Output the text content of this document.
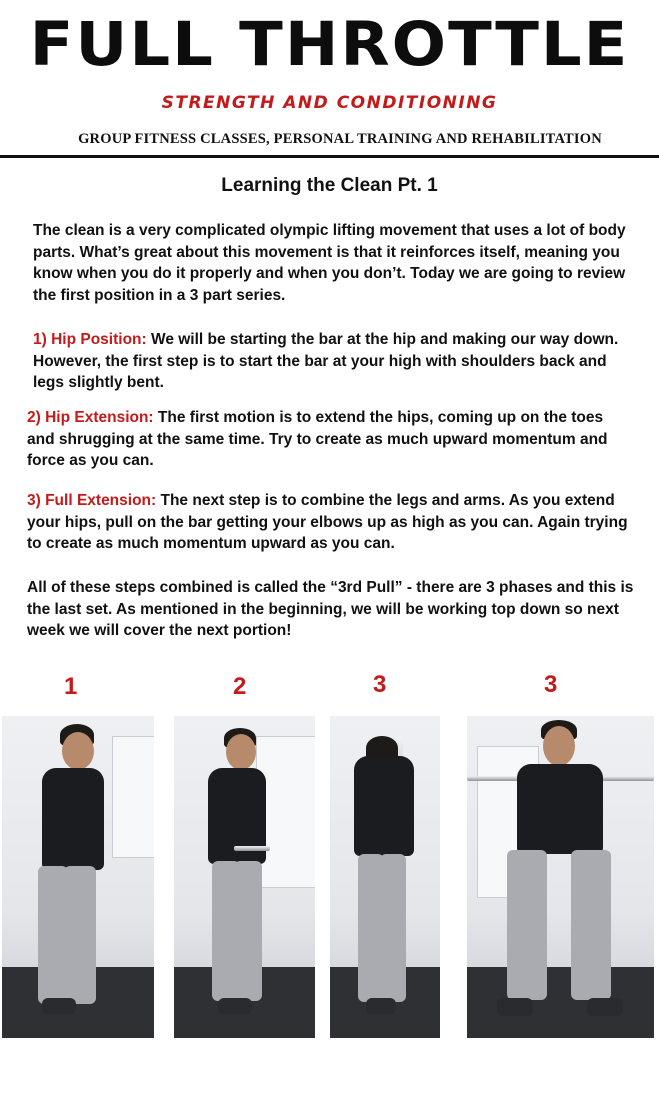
FULL THROTTLE
STRENGTH AND CONDITIONING
GROUP FITNESS CLASSES, PERSONAL TRAINING AND REHABILITATION
Learning the Clean Pt. 1
The clean is a very complicated olympic lifting movement that uses a lot of body parts. What’s great about this movement is that it reinforces itself, meaning you know when you do it properly and when you don’t. Today we are going to review the first position in a 3 part series.
1) Hip Position: We will be starting the bar at the hip and making our way down. However, the first step is to start the bar at your high with shoulders back and legs slightly bent.
2) Hip Extension: The first motion is to extend the hips, coming up on the toes and shrugging at the same time. Try to create as much upward momentum and force as you can.
3) Full Extension: The next step is to combine the legs and arms. As you extend your hips, pull on the bar getting your elbows up as high as you can. Again trying to create as much momentum upward as you can.
All of these steps combined is called the “3rd Pull” - there are 3 phases and this is the last set. As mentioned in the beginning, we will be working top down so next week we will cover the next portion!
1	2	3	3
